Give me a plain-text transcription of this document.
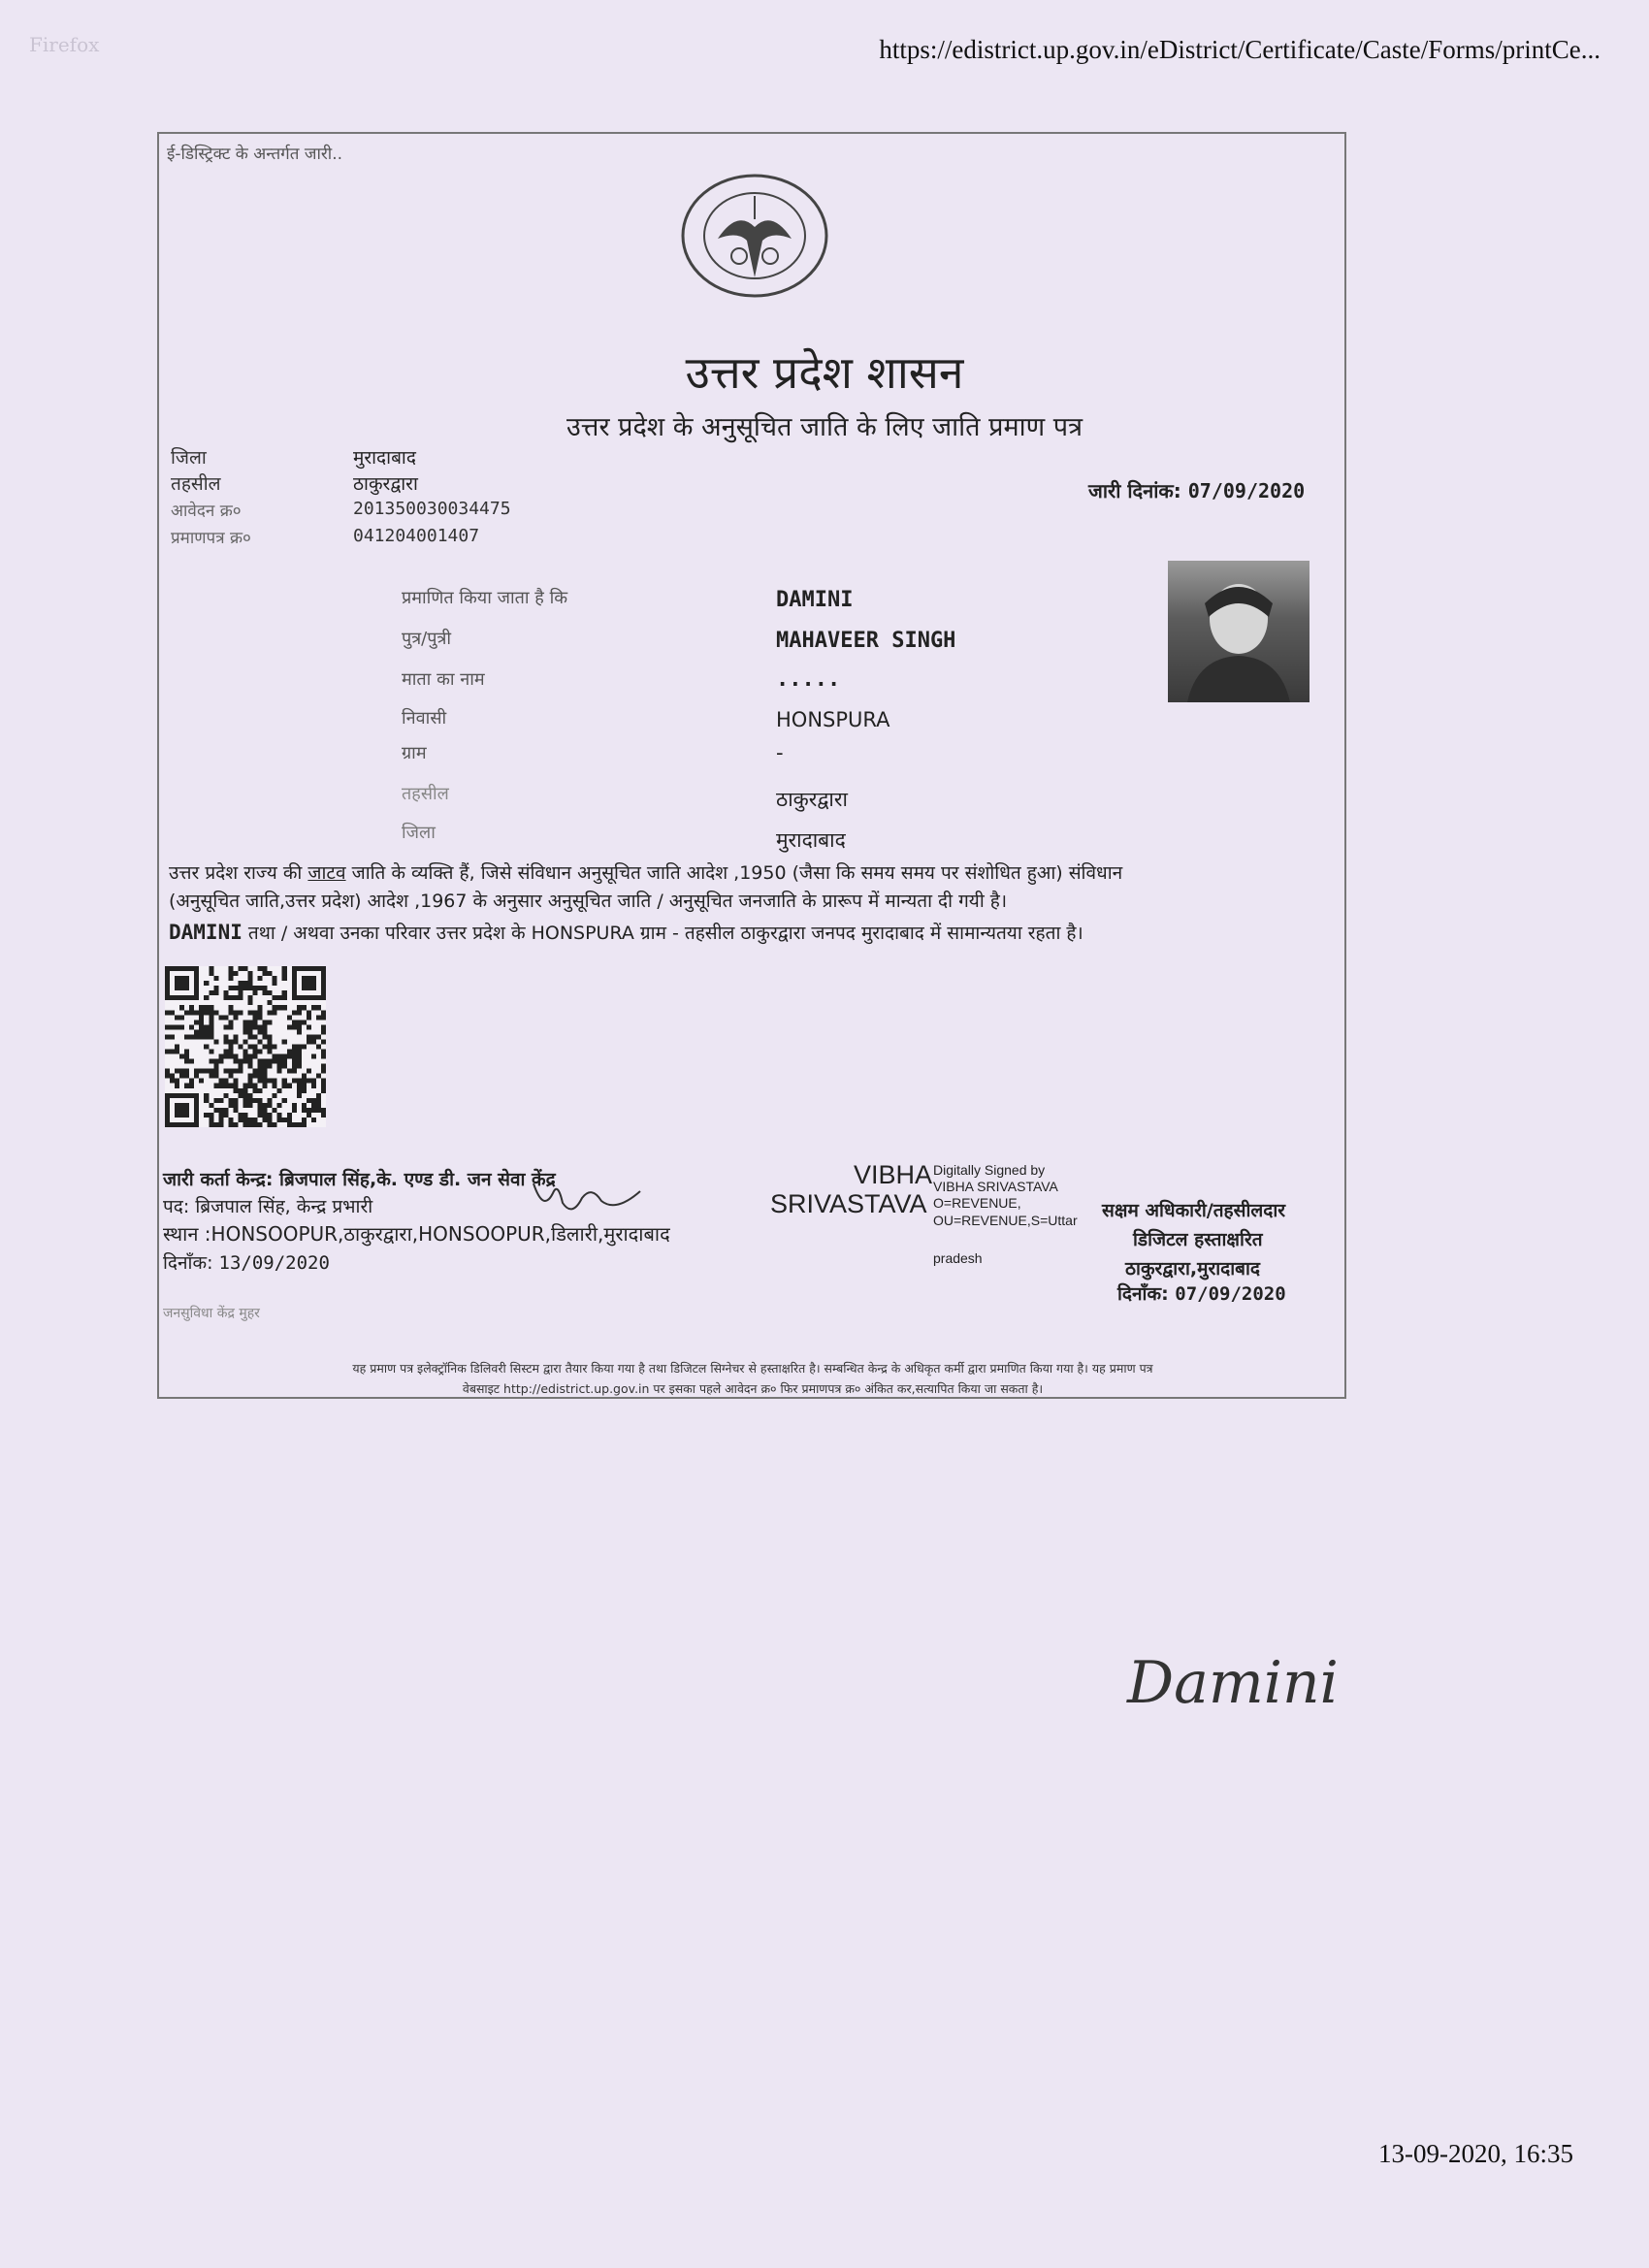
Firefox	https://edistrict.up.gov.in/eDistrict/Certificate/Caste/Forms/printCe...
ई-डिस्ट्रिक्ट के अन्तर्गत जारी..
उत्तर प्रदेश शासन
उत्तर प्रदेश के अनुसूचित जाति के लिए जाति प्रमाण पत्र
जिला	मुरादाबाद
तहसील	ठाकुरद्वारा
आवेदन क्र०	201350030034475
प्रमाणपत्र क्र०	041204001407
जारी दिनांक: 07/09/2020
प्रमाणित किया जाता है कि	DAMINI
पुत्र/पुत्री	MAHAVEER SINGH
माता का नाम	.....
निवासी	HONSPURA
ग्राम	-
तहसील	ठाकुरद्वारा
जिला	मुरादाबाद
उत्तर प्रदेश राज्य की जाटव जाति के व्यक्ति हैं, जिसे संविधान अनुसूचित जाति आदेश ,1950 (जैसा कि समय समय पर संशोधित हुआ) संविधान
(अनुसूचित जाति,उत्तर प्रदेश) आदेश ,1967 के अनुसार अनुसूचित जाति / अनुसूचित जनजाति के प्रारूप में मान्यता दी गयी है।
DAMINI तथा / अथवा उनका परिवार उत्तर प्रदेश के HONSPURA ग्राम - तहसील ठाकुरद्वारा जनपद मुरादाबाद में सामान्यतया रहता है।
जारी कर्ता केन्द्र: ब्रिजपाल सिंह,के. एण्ड डी. जन सेवा केंद्र
पद: ब्रिजपाल सिंह, केन्द्र प्रभारी
स्थान :HONSOOPUR,ठाकुरद्वारा,HONSOOPUR,डिलारी,मुरादाबाद
दिनाँक: 13/09/2020
जनसुविधा केंद्र मुहर
VIBHA
SRIVASTAVA
Digitally Signed by
VIBHA SRIVASTAVA
O=REVENUE,
OU=REVENUE,S=Uttar
pradesh
सक्षम अधिकारी/तहसीलदार
डिजिटल हस्ताक्षरित
ठाकुरद्वारा,मुरादाबाद
दिनाँक: 07/09/2020
यह प्रमाण पत्र इलेक्ट्रॉनिक डिलिवरी सिस्टम द्वारा तैयार किया गया है तथा डिजिटल सिग्नेचर से हस्ताक्षरित है। सम्बन्धित केन्द्र के अधिकृत कर्मी द्वारा प्रमाणित किया गया है। यह प्रमाण पत्र
वेबसाइट http://edistrict.up.gov.in पर इसका पहले आवेदन क्र० फिर प्रमाणपत्र क्र० अंकित कर,सत्यापित किया जा सकता है।
Damini
13-09-2020, 16:35
